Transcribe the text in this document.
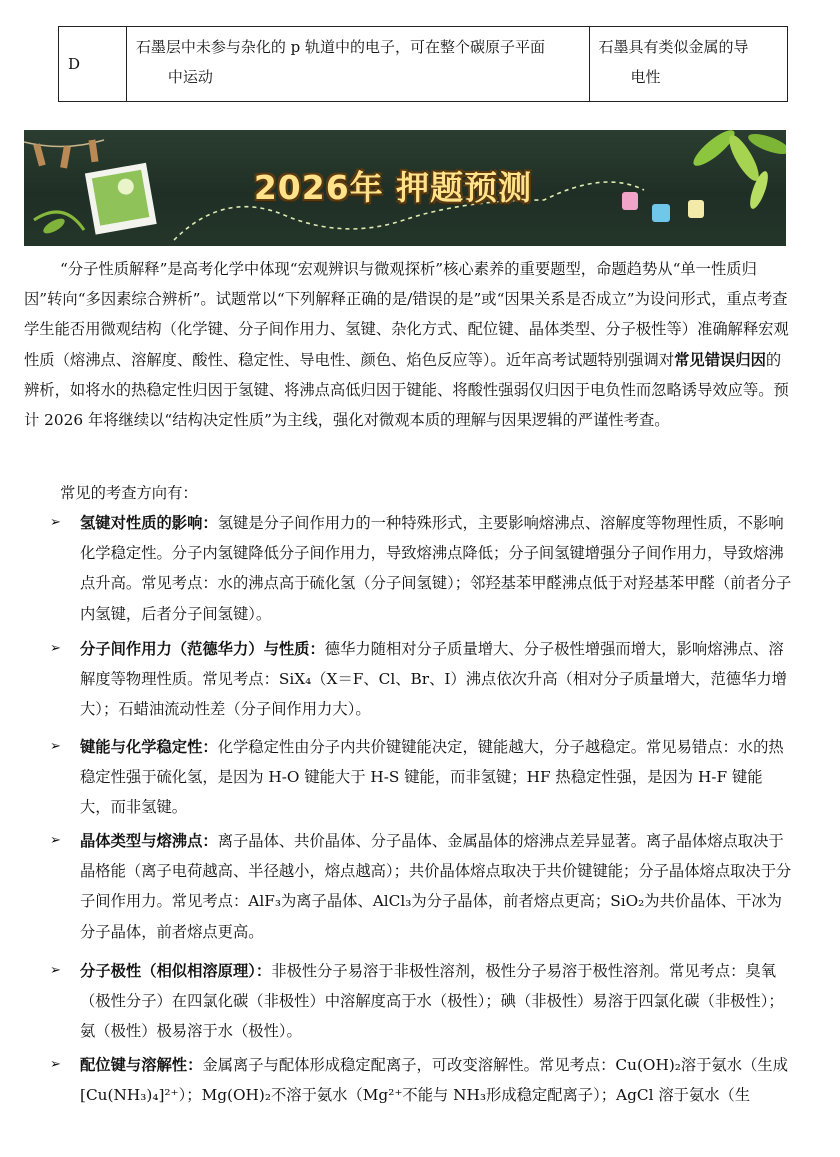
D
石墨层中未参与杂化的 p 轨道中的电子，可在整个碳原子平面
中运动
石墨具有类似金属的导
电性
2026年 押题预测

“分子性质解释”是高考化学中体现“宏观辨识与微观探析”核心素养的重要题型，命题趋势从“单一性质归因”转向“多因素综合辨析”。试题常以“下列解释正确的是/错误的是”或“因果关系是否成立”为设问形式，重点考查学生能否用微观结构（化学键、分子间作用力、氢键、杂化方式、配位键、晶体类型、分子极性等）准确解释宏观性质（熔沸点、溶解度、酸性、稳定性、导电性、颜色、焰色反应等）。近年高考试题特别强调对常见错误归因的辨析，如将水的热稳定性归因于氢键、将沸点高低归因于键能、将酸性强弱仅归因于电负性而忽略诱导效应等。预计 2026 年将继续以“结构决定性质”为主线，强化对微观本质的理解与因果逻辑的严谨性考查。

常见的考查方向有：
➢ 氢键对性质的影响：氢键是分子间作用力的一种特殊形式，主要影响熔沸点、溶解度等物理性质，不影响化学稳定性。分子内氢键降低分子间作用力，导致熔沸点降低；分子间氢键增强分子间作用力，导致熔沸点升高。常见考点：水的沸点高于硫化氢（分子间氢键）；邻羟基苯甲醛沸点低于对羟基苯甲醛（前者分子内氢键，后者分子间氢键）。
➢ 分子间作用力（范德华力）与性质：德华力随相对分子质量增大、分子极性增强而增大，影响熔沸点、溶解度等物理性质。常见考点：SiX₄（X＝F、Cl、Br、I）沸点依次升高（相对分子质量增大，范德华力增大）；石蜡油流动性差（分子间作用力大）。
➢ 键能与化学稳定性：化学稳定性由分子内共价键键能决定，键能越大，分子越稳定。常见易错点：水的热稳定性强于硫化氢，是因为 H-O 键能大于 H-S 键能，而非氢键；HF 热稳定性强，是因为 H-F 键能大，而非氢键。
➢ 晶体类型与熔沸点：离子晶体、共价晶体、分子晶体、金属晶体的熔沸点差异显著。离子晶体熔点取决于晶格能（离子电荷越高、半径越小，熔点越高）；共价晶体熔点取决于共价键键能；分子晶体熔点取决于分子间作用力。常见考点：AlF₃为离子晶体、AlCl₃为分子晶体，前者熔点更高；SiO₂为共价晶体、干冰为分子晶体，前者熔点更高。
➢ 分子极性（相似相溶原理）：非极性分子易溶于非极性溶剂，极性分子易溶于极性溶剂。常见考点：臭氧（极性分子）在四氯化碳（非极性）中溶解度高于水（极性）；碘（非极性）易溶于四氯化碳（非极性）；氨（极性）极易溶于水（极性）。
➢ 配位键与溶解性：金属离子与配体形成稳定配离子，可改变溶解性。常见考点：Cu(OH)₂溶于氨水（生成[Cu(NH₃)₄]²⁺）；Mg(OH)₂不溶于氨水（Mg²⁺不能与 NH₃形成稳定配离子）；AgCl 溶于氨水（生
